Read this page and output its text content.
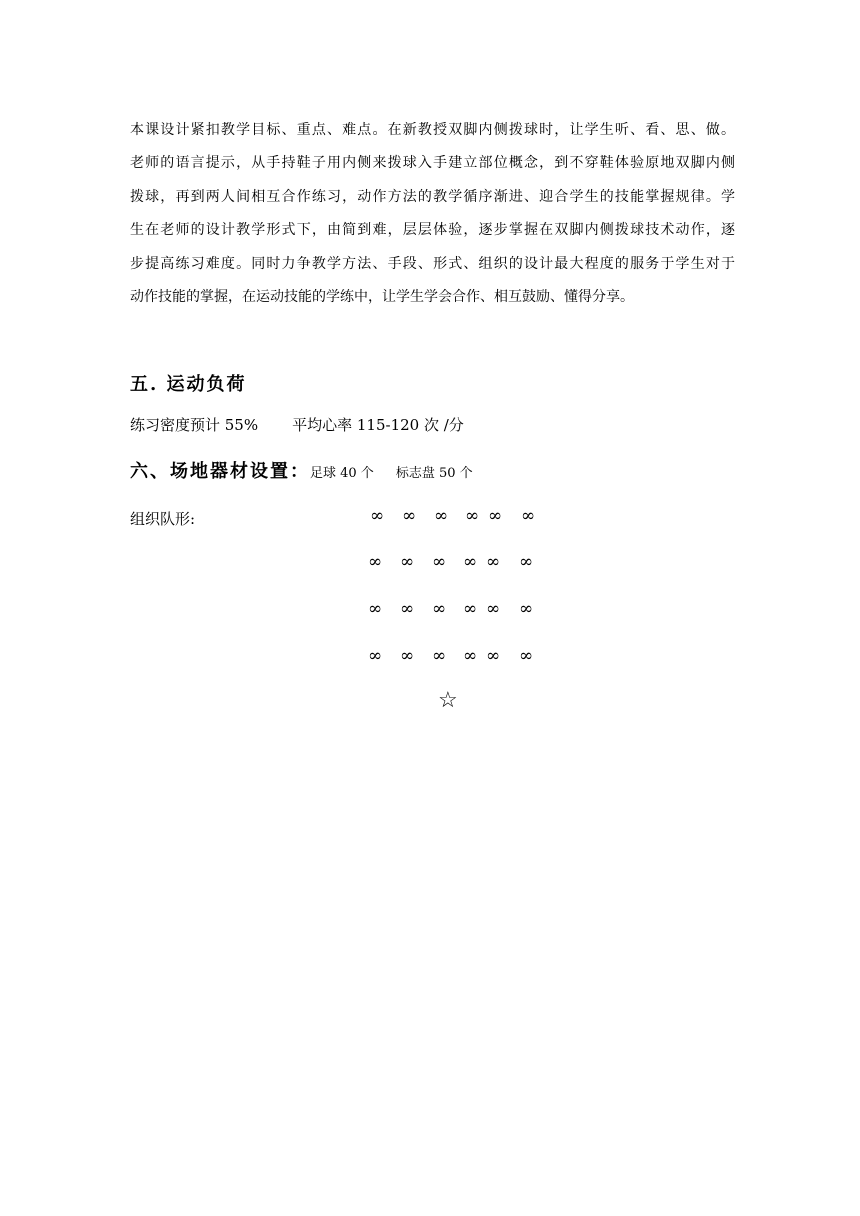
本课设计紧扣教学目标、重点、难点。在新教授双脚内侧拨球时，让学生听、看、思、做。
老师的语言提示，从手持鞋子用内侧来拨球入手建立部位概念，到不穿鞋体验原地双脚内侧
拨球，再到两人间相互合作练习，动作方法的教学循序渐进、迎合学生的技能掌握规律。学
生在老师的设计教学形式下，由简到难，层层体验，逐步掌握在双脚内侧拨球技术动作，逐
步提高练习难度。同时力争教学方法、手段、形式、组织的设计最大程度的服务于学生对于
动作技能的掌握，在运动技能的学练中，让学生学会合作、相互鼓励、懂得分享。
五. 运动负荷
练习密度预计 55% 平均心率 115-120 次 /分
六、场地器材设置：足球 40 个 标志盘 50 个
组织队形:	∞ ∞ ∞ ∞ ∞ ∞
∞ ∞ ∞ ∞ ∞ ∞
∞ ∞ ∞ ∞ ∞ ∞
∞ ∞ ∞ ∞ ∞ ∞
☆
